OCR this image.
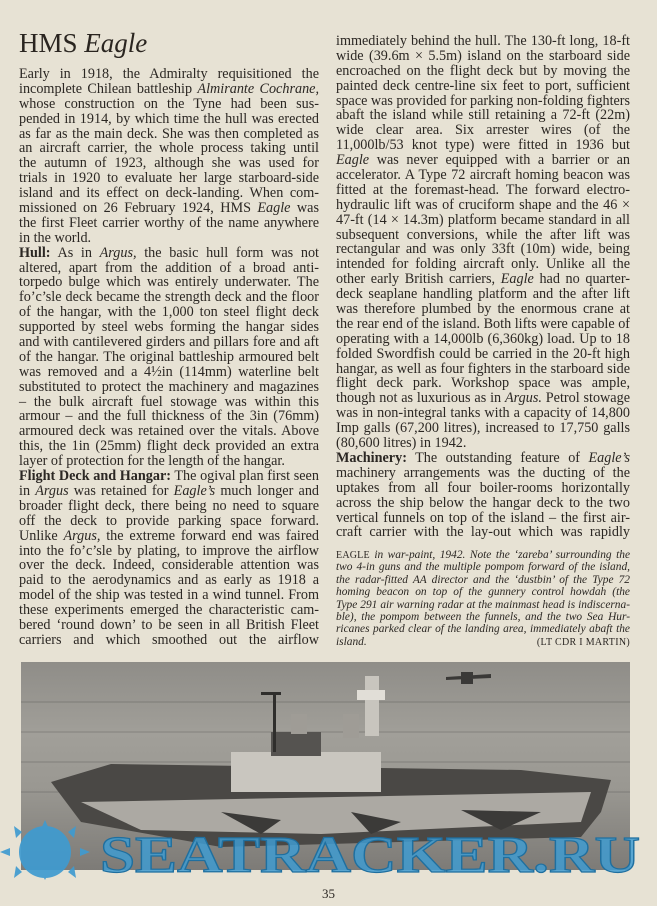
HMS Eagle
Early in 1918, the Admiralty requisitioned the
incomplete Chilean battleship Almirante Cochrane,
whose construction on the Tyne had been sus-
pended in 1914, by which time the hull was erected
as far as the main deck. She was then completed as
an aircraft carrier, the whole process taking until
the autumn of 1923, although she was used for
trials in 1920 to evaluate her large starboard-side
island and its effect on deck-landing. When com-
missioned on 26 February 1924, HMS Eagle was
the first Fleet carrier worthy of the name anywhere
in the world.
Hull: As in Argus, the basic hull form was not
altered, apart from the addition of a broad anti-
torpedo bulge which was entirely underwater. The
fo’c’sle deck became the strength deck and the floor
of the hangar, with the 1,000 ton steel flight deck
supported by steel webs forming the hangar sides
and with cantilevered girders and pillars fore and aft
of the hangar. The original battleship armoured belt
was removed and a 4½in (114mm) waterline belt
substituted to protect the machinery and magazines
– the bulk aircraft fuel stowage was within this
armour – and the full thickness of the 3in (76mm)
armoured deck was retained over the vitals. Above
this, the 1in (25mm) flight deck provided an extra
layer of protection for the length of the hangar.
Flight Deck and Hangar: The ogival plan first seen
in Argus was retained for Eagle’s much longer and
broader flight deck, there being no need to square
off the deck to provide parking space forward.
Unlike Argus, the extreme forward end was faired
into the fo’c’sle by plating, to improve the airflow
over the deck. Indeed, considerable attention was
paid to the aerodynamics and as early as 1918 a
model of the ship was tested in a wind tunnel. From
these experiments emerged the characteristic cam-
bered ‘round down’ to be seen in all British Fleet
carriers and which smoothed out the airflow
immediately behind the hull. The 130-ft long, 18-ft
wide (39.6m × 5.5m) island on the starboard side
encroached on the flight deck but by moving the
painted deck centre-line six feet to port, sufficient
space was provided for parking non-folding fighters
abaft the island while still retaining a 72-ft (22m)
wide clear area. Six arrester wires (of the
11,000lb/53 knot type) were fitted in 1936 but
Eagle was never equipped with a barrier or an
accelerator. A Type 72 aircraft homing beacon was
fitted at the foremast-head. The forward electro-
hydraulic lift was of cruciform shape and the 46 ×
47-ft (14 × 14.3m) platform became standard in all
subsequent conversions, while the after lift was
rectangular and was only 33ft (10m) wide, being
intended for folding aircraft only. Unlike all the
other early British carriers, Eagle had no quarter-
deck seaplane handling platform and the after lift
was therefore plumbed by the enormous crane at
the rear end of the island. Both lifts were capable of
operating with a 14,000lb (6,360kg) load. Up to 18
folded Swordfish could be carried in the 20-ft high
hangar, as well as four fighters in the starboard side
flight deck park. Workshop space was ample,
though not as luxurious as in Argus. Petrol stowage
was in non-integral tanks with a capacity of 14,800
Imp galls (67,200 litres), increased to 17,750 galls
(80,600 litres) in 1942.
Machinery: The outstanding feature of Eagle’s
machinery arrangements was the ducting of the
uptakes from all four boiler-rooms horizontally
across the ship below the hangar deck to the two
vertical funnels on top of the island – the first air-
craft carrier with the lay-out which was rapidly
EAGLE in war-paint, 1942. Note the ‘zareba’ surrounding the
two 4-in guns and the multiple pompom forward of the island,
the radar-fitted AA director and the ‘dustbin’ of the Type 72
homing beacon on top of the gunnery control howdah (the
Type 291 air warning radar at the mainmast head is indiscerna-
ble), the pompom between the funnels, and the two Sea Hur-
ricanes parked clear of the landing area, immediately abaft the
island.	(LT CDR I MARTIN)
SEATRACKER.RU
35
